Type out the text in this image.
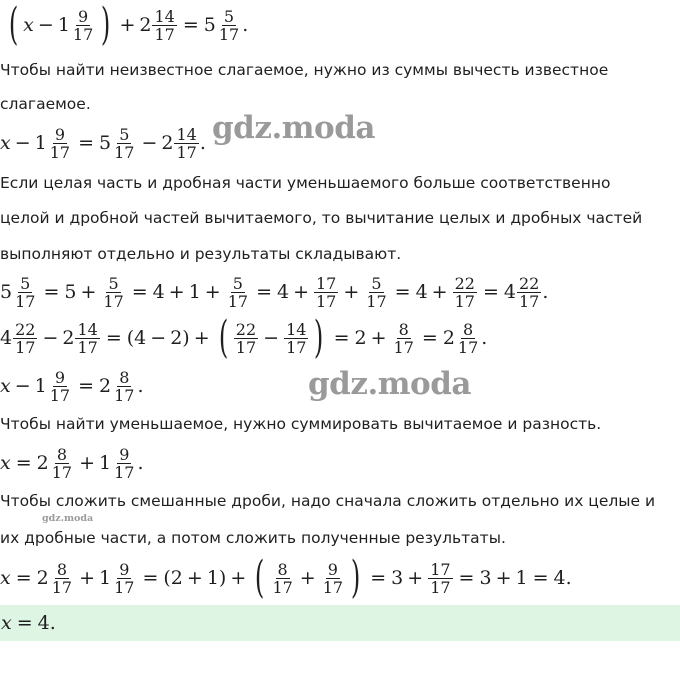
( $x - 1 \frac{9}{17}$ ) + $2 \frac{14}{17} = 5 \frac{5}{17}$ .
Чтобы найти неизвестное слагаемое, нужно из суммы вычесть известное
слагаемое.
$x - 1 \frac{9}{17} = 5 \frac{5}{17} - 2 \frac{14}{17}$ . gdz.moda
Если целая часть и дробная части уменьшаемого больше соответственно
целой и дробной частей вычитаемого, то вычитание целых и дробных частей
выполняют отдельно и результаты складывают.
$5 \frac{5}{17} = 5 + \frac{5}{17} = 4 + 1 + \frac{5}{17} = 4 + \frac{17}{17} + \frac{5}{17} = 4 + \frac{22}{17} = 4 \frac{22}{17}$ .
$4 \frac{22}{17} - 2 \frac{14}{17} = (4 - 2)$ + ( $\frac{22}{17} - \frac{14}{17}$ ) = $2 + \frac{8}{17} = 2 \frac{8}{17}$ .
$x - 1 \frac{9}{17} = 2 \frac{8}{17}$ .	gdz.moda
Чтобы найти уменьшаемое, нужно суммировать вычитаемое и разность.
$x = 2 \frac{8}{17} + 1 \frac{9}{17}$ .
Чтобы сложить смешанные дроби, надо сначала сложить отдельно их целые и
gdz.moda
их дробные части, а потом сложить полученные результаты.
$x = 2 \frac{8}{17} + 1 \frac{9}{17} = (2 + 1)$ + ( $\frac{8}{17} + \frac{9}{17}$ ) = $3 + \frac{17}{17} = 3 + 1 = 4$.
x = 4.
